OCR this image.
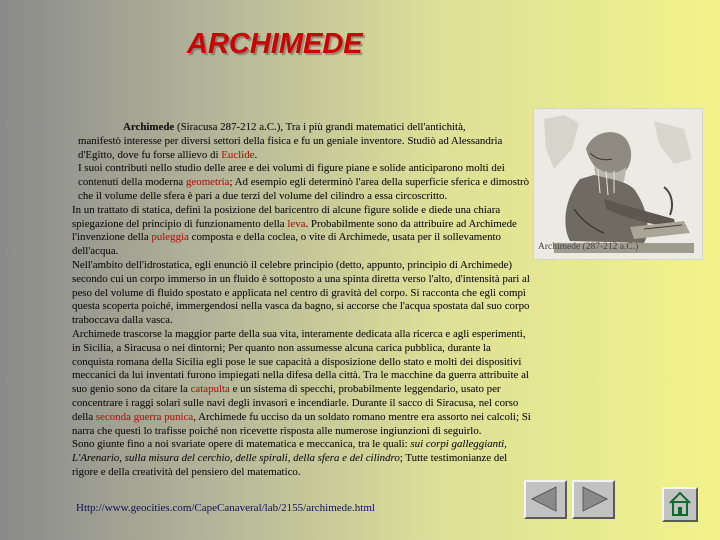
ARCHIMEDE

Archimede (Siracusa 287-212 a.C.), Tra i più grandi matematici dell'antichità,

manifestò interesse per diversi settori della fisica e fu un geniale inventore. Studiò ad Alessandria d'Egitto, dove fu forse allievo di Euclide.

I suoi contributi nello studio delle aree e dei volumi di figure piane e solide anticiparono molti dei contenuti della moderna geometria; Ad esempio egli determinò l'area della superficie sferica e dimostrò che il volume delle sfera è pari a due terzi del volume del cilindro a essa circoscritto.

In un trattato di statica, definì la posizione del baricentro di alcune figure solide e diede una chiara spiegazione del principio di funzionamento della leva. Probabilmente sono da attribuire ad Archimede l'invenzione della puleggia composta e della coclea, o vite di Archimede, usata per il sollevamento dell'acqua.

Nell'ambito dell'idrostatica, egli enunciò il celebre principio (detto, appunto, principio di Archimede) secondo cui un corpo immerso in un fluido è sottoposto a una spinta diretta verso l'alto, d'intensità pari al peso del volume di fluido spostato e applicata nel centro di gravità del corpo. Si racconta che egli compì questa scoperta poiché, immergendosi nella vasca da bagno, si accorse che l'acqua spostata dal suo corpo traboccava dalla vasca.

Archimede trascorse la maggior parte della sua vita, interamente dedicata alla ricerca e agli esperimenti, in Sicilia, a Siracusa o nei dintorni; Per quanto non assumesse alcuna carica pubblica, durante la conquista romana della Sicilia egli pose le sue capacità a disposizione dello stato e molti dei dispositivi meccanici da lui inventati furono impiegati nella difesa della città. Tra le macchine da guerra attribuite al suo genio sono da citare la catapulta e un sistema di specchi, probabilmente leggendario, usato per concentrare i raggi solari sulle navi degli invasori e incendiarle. Durante il sacco di Siracusa, nel corso della seconda guerra punica, Archimede fu ucciso da un soldato romano mentre era assorto nei calcoli; Si narra che questi lo trafisse poiché non ricevette risposta alle numerose ingiunzioni di seguirlo.

Sono giunte fino a noi svariate opere di matematica e meccanica, tra le quali: sui corpi galleggianti, L'Arenario, sulla misura del cerchio, delle spirali, della sfera e del cilindro; Tutte testimonianze del rigore e della creatività del pensiero del matematico.

Http://www.geocities.com/CapeCanaveral/lab/2155/archimede.html
Archimede (287-212 a.C.)
